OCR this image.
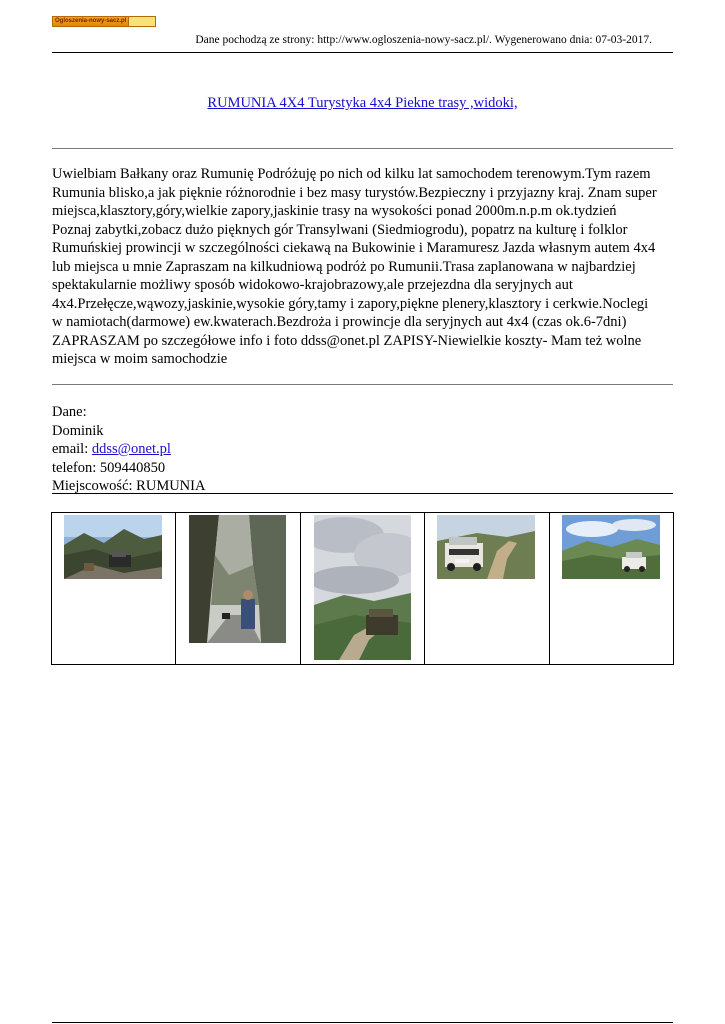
Ogloszenia-nowy-sacz.pl
Dane pochodzą ze strony: http://www.ogloszenia-nowy-sacz.pl/. Wygenerowano dnia: 07-03-2017.
RUMUNIA 4X4 Turystyka 4x4 Piekne trasy ,widoki,
Uwielbiam Bałkany oraz Rumunię Podróżuję po nich od kilku lat samochodem terenowym.Tym razem
Rumunia blisko,a jak pięknie różnorodnie i bez masy turystów.Bezpieczny i przyjazny kraj. Znam super
miejsca,klasztory,góry,wielkie zapory,jaskinie trasy na wysokości ponad 2000m.n.p.m ok.tydzień
Poznaj zabytki,zobacz dużo pięknych gór Transylwani (Siedmiogrodu), popatrz na kulturę i folklor
Rumuńskiej prowincji w szczególności ciekawą na Bukowinie i Maramuresz Jazda własnym autem 4x4
lub miejsca u mnie Zapraszam na kilkudniową podróż po Rumunii.Trasa zaplanowana w najbardziej
spektakularnie możliwy sposób widokowo-krajobrazowy,ale przejezdna dla seryjnych aut
4x4.Przełęcze,wąwozy,jaskinie,wysokie góry,tamy i zapory,piękne plenery,klasztory i cerkwie.Noclegi
w namiotach(darmowe) ew.kwaterach.Bezdroża i prowincje dla seryjnych aut 4x4 (czas ok.6-7dni)
ZAPRASZAM po szczegółowe info i foto ddss@onet.pl ZAPISY-Niewielkie koszty- Mam też wolne
miejsca w moim samochodzie
Dane:
Dominik
email: ddss@onet.pl
telefon: 509440850
Miejscowość: RUMUNIA
